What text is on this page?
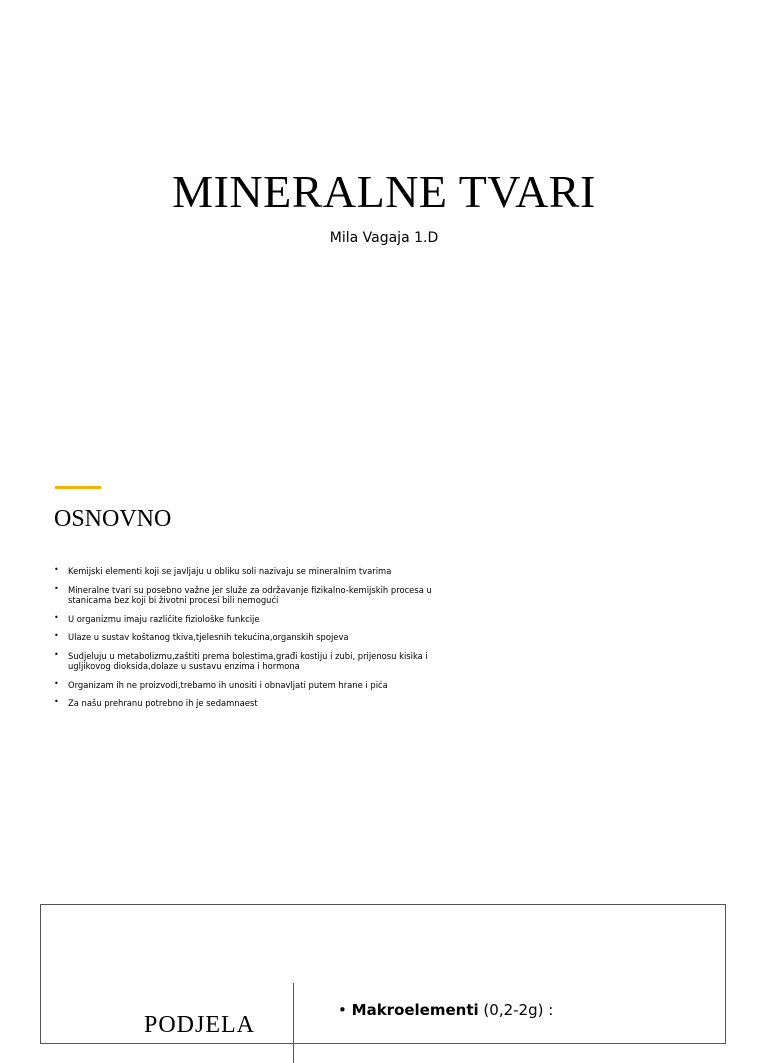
MINERALNE TVARI
Mila Vagaja 1.D
OSNOVNO
• Kemijski elementi koji se javljaju u obliku soli nazivaju se mineralnim tvarima
• Mineralne tvari su posebno važne jer služe za održavanje fizikalno-kemijskih procesa u
stanicama bez koji bi životni procesi bili nemogući
• U organizmu imaju različite fiziološke funkcije
• Ulaze u sustav koštanog tkiva,tjelesnih tekućina,organskih spojeva
• Sudjeluju u metabolizmu,zaštiti prema bolestima,građi kostiju i zubi, prijenosu kisika i
ugljikovog dioksida,dolaze u sustavu enzima i hormona
• Organizam ih ne proizvodi,trebamo ih unositi i obnavljati putem hrane i pića
• Za našu prehranu potrebno ih je sedamnaest
PODJELA
• Makroelementi (0,2-2g) :
